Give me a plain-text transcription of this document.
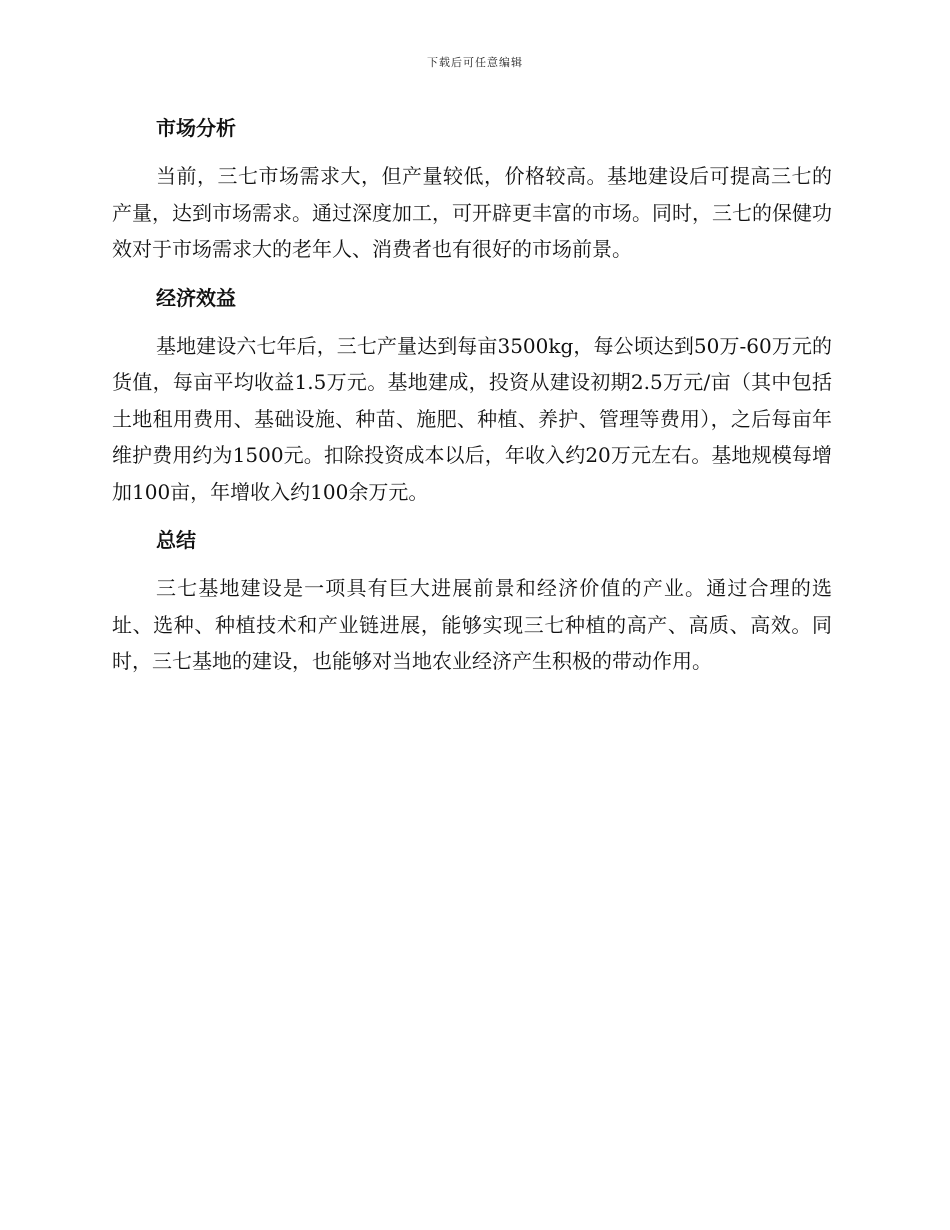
下载后可任意编辑
市场分析

当前，三七市场需求大，但产量较低，价格较高。基地建设后可提高三七的产量，达到市场需求。通过深度加工，可开辟更丰富的市场。同时，三七的保健功效对于市场需求大的老年人、消费者也有很好的市场前景。

经济效益

基地建设六七年后，三七产量达到每亩3500kg，每公顷达到50万-60万元的货值，每亩平均收益1.5万元。基地建成，投资从建设初期2.5万元/亩（其中包括土地租用费用、基础设施、种苗、施肥、种植、养护、管理等费用），之后每亩年维护费用约为1500元。扣除投资成本以后，年收入约20万元左右。基地规模每增加100亩，年增收入约100余万元。

总结

三七基地建设是一项具有巨大进展前景和经济价值的产业。通过合理的选址、选种、种植技术和产业链进展，能够实现三七种植的高产、高质、高效。同时，三七基地的建设，也能够对当地农业经济产生积极的带动作用。
